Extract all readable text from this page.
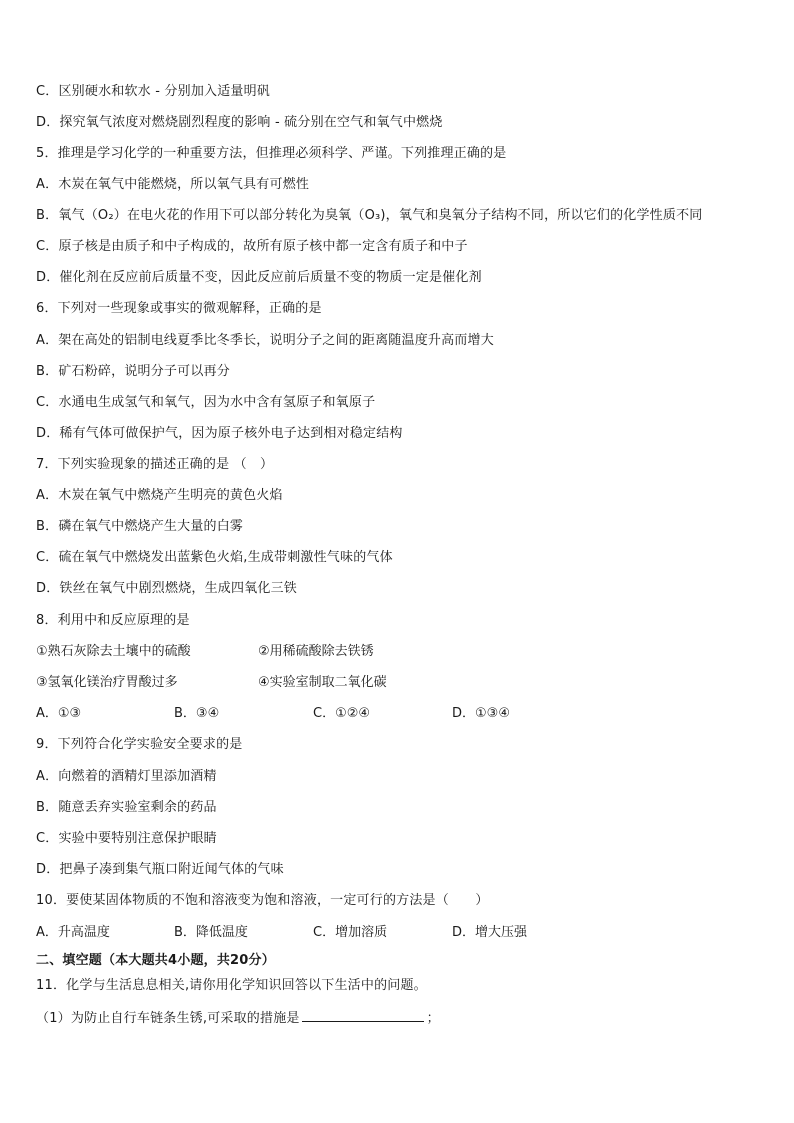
C．区别硬水和软水 - 分别加入适量明矾
D．探究氧气浓度对燃烧剧烈程度的影响 - 硫分别在空气和氧气中燃烧
5．推理是学习化学的一种重要方法，但推理必须科学、严谨。下列推理正确的是
A．木炭在氧气中能燃烧，所以氧气具有可燃性
B．氧气（O₂）在电火花的作用下可以部分转化为臭氧（O₃)，氧气和臭氧分子结构不同，所以它们的化学性质不同
C．原子核是由质子和中子构成的，故所有原子核中都一定含有质子和中子
D．催化剂在反应前后质量不变，因此反应前后质量不变的物质一定是催化剂
6．下列对一些现象或事实的微观解释，正确的是
A．架在高处的铝制电线夏季比冬季长，说明分子之间的距离随温度升高而增大
B．矿石粉碎，说明分子可以再分
C．水通电生成氢气和氧气，因为水中含有氢原子和氧原子
D．稀有气体可做保护气，因为原子核外电子达到相对稳定结构
7．下列实验现象的描述正确的是 （　）
A．木炭在氧气中燃烧产生明亮的黄色火焰
B．磷在氧气中燃烧产生大量的白雾
C．硫在氧气中燃烧发出蓝紫色火焰,生成带刺激性气味的气体
D．铁丝在氧气中剧烈燃烧，生成四氧化三铁
8．利用中和反应原理的是
①熟石灰除去土壤中的硫酸	②用稀硫酸除去铁锈
③氢氧化镁治疗胃酸过多	④实验室制取二氧化碳
A．①③	B．③④	C．①②④	D．①③④
9．下列符合化学实验安全要求的是
A．向燃着的酒精灯里添加酒精
B．随意丢弃实验室剩余的药品
C．实验中要特别注意保护眼睛
D．把鼻子凑到集气瓶口附近闻气体的气味
10．要使某固体物质的不饱和溶液变为饱和溶液，一定可行的方法是（　　）
A．升高温度	B．降低温度	C．增加溶质	D．增大压强
二、填空题（本大题共4小题，共20分）
11．化学与生活息息相关,请你用化学知识回答以下生活中的问题。
（1）为防止自行车链条生锈,可采取的措施是	；
